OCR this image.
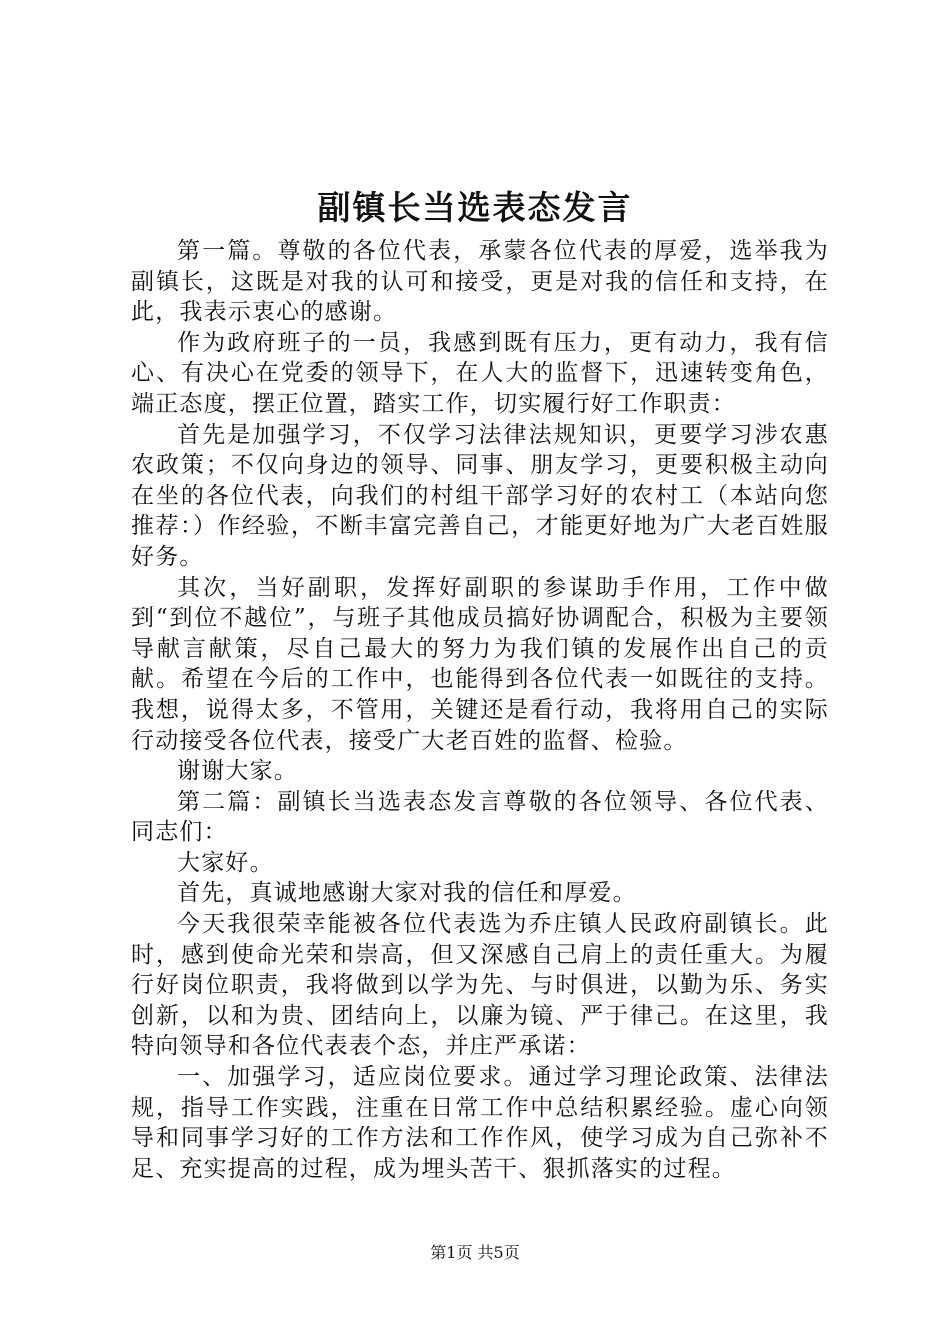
副镇长当选表态发言

第一篇。尊敬的各位代表，承蒙各位代表的厚爱，选举我为副镇长，这既是对我的认可和接受，更是对我的信任和支持，在此，我表示衷心的感谢。

作为政府班子的一员，我感到既有压力，更有动力，我有信心、有决心在党委的领导下，在人大的监督下，迅速转变角色，端正态度，摆正位置，踏实工作，切实履行好工作职责：

首先是加强学习，不仅学习法律法规知识，更要学习涉农惠农政策；不仅向身边的领导、同事、朋友学习，更要积极主动向在坐的各位代表，向我们的村组干部学习好的农村工（本站向您推荐：）作经验，不断丰富完善自己，才能更好地为广大老百姓服好务。

其次，当好副职，发挥好副职的参谋助手作用，工作中做到“到位不越位”，与班子其他成员搞好协调配合，积极为主要领导献言献策，尽自己最大的努力为我们镇的发展作出自己的贡献。希望在今后的工作中，也能得到各位代表一如既往的支持。我想，说得太多，不管用，关键还是看行动，我将用自己的实际行动接受各位代表，接受广大老百姓的监督、检验。

谢谢大家。

第二篇：副镇长当选表态发言尊敬的各位领导、各位代表、同志们：

大家好。

首先，真诚地感谢大家对我的信任和厚爱。

今天我很荣幸能被各位代表选为乔庄镇人民政府副镇长。此时，感到使命光荣和崇高，但又深感自己肩上的责任重大。为履行好岗位职责，我将做到以学为先、与时俱进，以勤为乐、务实创新，以和为贵、团结向上，以廉为镜、严于律己。在这里，我特向领导和各位代表表个态，并庄严承诺：

一、加强学习，适应岗位要求。通过学习理论政策、法律法规，指导工作实践，注重在日常工作中总结积累经验。虚心向领导和同事学习好的工作方法和工作作风，使学习成为自己弥补不足、充实提高的过程，成为埋头苦干、狠抓落实的过程。

第1页 共5页
